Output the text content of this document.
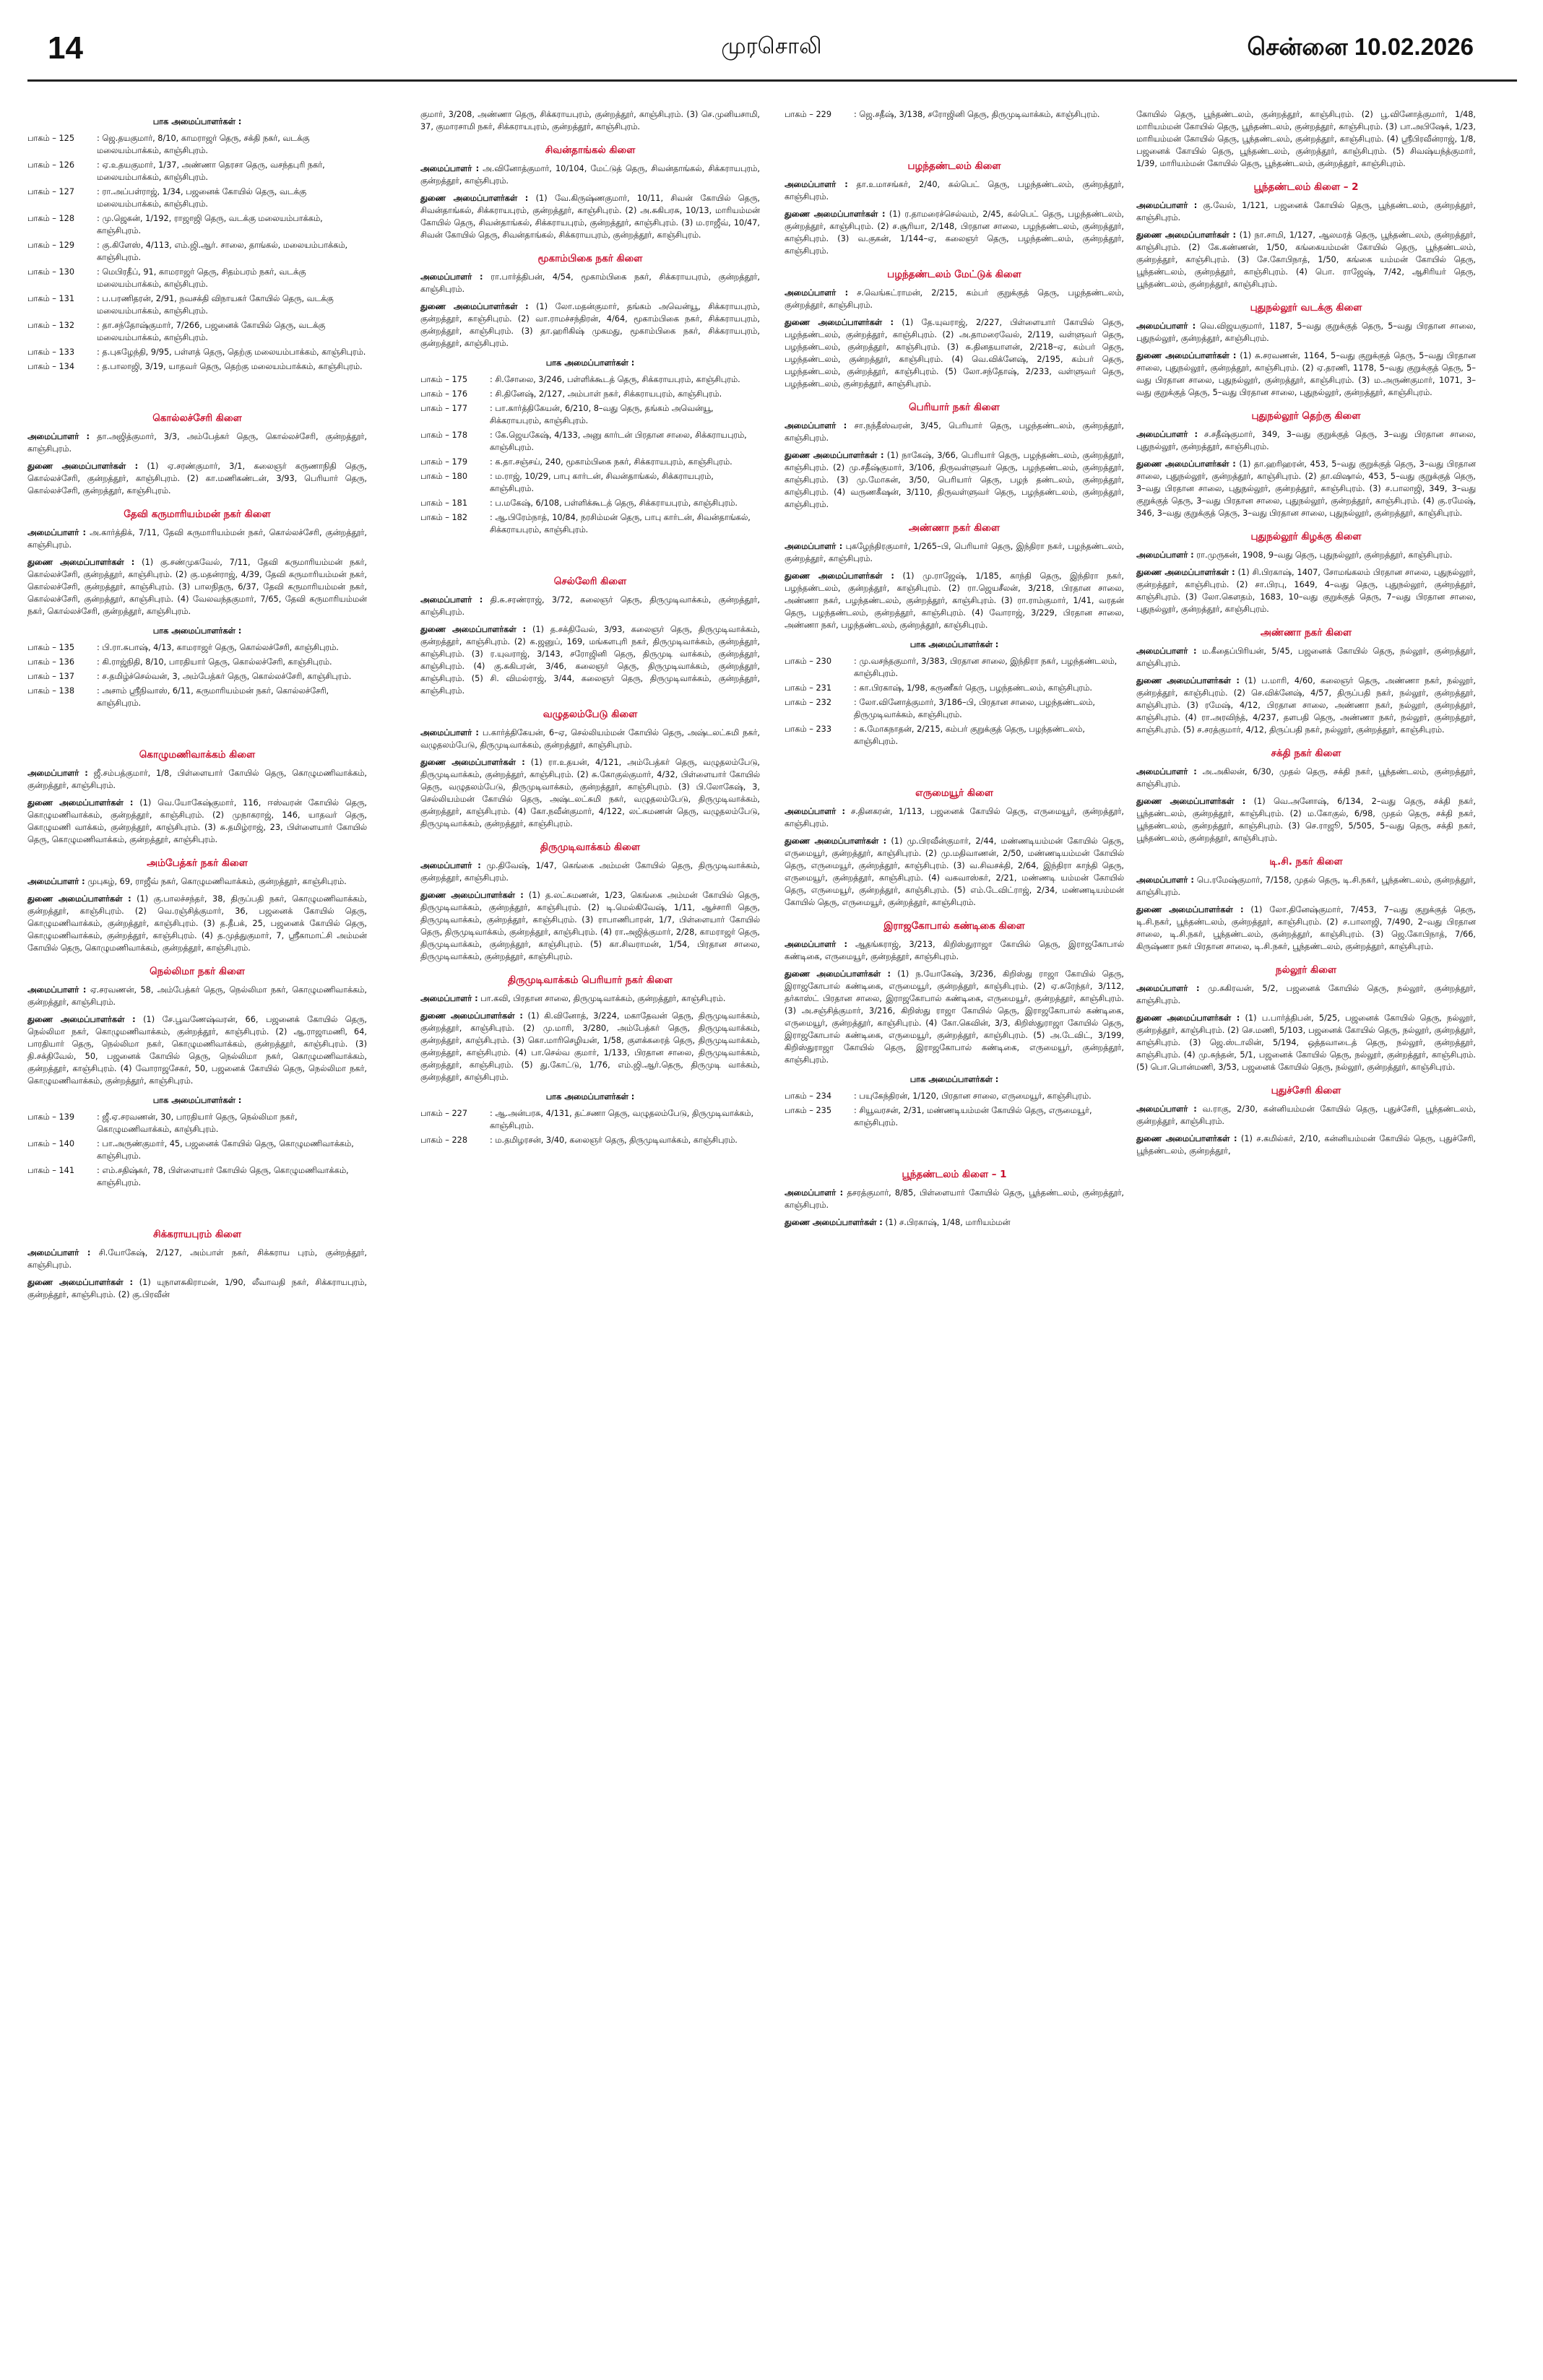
14	முரசொலி	சென்னை 10.02.2026
பாக அமைப்பாளர்கள் :
பாகம் – 125	: ஜெ.தயகுமார், 8/10, காமராஜர் தெரு, சக்தி நகர், வடக்கு மலையம்பாக்கம், காஞ்சிபுரம்.
பாகம் – 126	: ஏ.உதயகுமார், 1/37, அண்ணா தெரசா தெரு, வசந்தபுரி நகர், மலையம்பாக்கம், காஞ்சிபுரம்.
பாகம் – 127	: ரா.அப்பள்ராஜ், 1/34, பஜனைக் கோயில் தெரு, வடக்கு மலையம்பாக்கம், காஞ்சிபுரம்.
பாகம் – 128	: மு.ஜெகன், 1/192, ராஜாஜி தெரு, வடக்கு மலையம்பாக்கம், காஞ்சிபுரம்.
பாகம் – 129	: கு.கிளேஸ், 4/113, எம்.ஜி.ஆர். சாலை, தாங்கல், மலையம்பாக்கம், காஞ்சிபுரம்.
பாகம் – 130	: மெபிரதீப், 91, காமராஜர் தெரு, சிதம்பரம் நகர், வடக்கு மலையம்பாக்கம், காஞ்சிபுரம்.
பாகம் – 131	: ப.பரணிதரன், 2/91, நவசக்தி விநாயகர் கோயில் தெரு, வடக்கு மலையம்பாக்கம், காஞ்சிபுரம்.
பாகம் – 132	: தா.சந்தோஷ்குமார், 7/266, பஜனைக் கோயில் தெரு, வடக்கு மலையம்பாக்கம், காஞ்சிபுரம்.
பாகம் – 133	: த.புகழேந்தி, 9/95, பள்ளத் தெரு, தெற்கு மலையம்பாக்கம், காஞ்சிபுரம்.
பாகம் – 134	: த.பாலாஜி, 3/19, யாதவர் தெரு, தெற்கு மலையம்பாக்கம், காஞ்சிபுரம்.
கொல்லச்சேரி கிளை

அமைப்பாளர் : தா.அஜித்குமார், 3/3, அம்பேத்கர் தெரு, கொல்லச்சேரி, குன்றத்தூர், காஞ்சிபுரம்.

துணை அமைப்பாளர்கள் : (1) ஏ.சரண்குமார், 3/1, கலைஞர் கருணாநிதி தெரு, கொல்லச்சேரி, குன்றத்தூர், காஞ்சிபுரம். (2) கா.மணிகண்டன், 3/93, பெரியார் தெரு, கொல்லச்சேரி, குன்றத்தூர், காஞ்சிபுரம்.

தேவி கருமாரியம்மன் நகர் கிளை

அமைப்பாளர் : அ.கார்த்திக், 7/11, தேவி கருமாரியம்மன் நகர், கொல்லச்சேரி, குன்றத்தூர், காஞ்சிபுரம்.

துணை அமைப்பாளர்கள் : (1) கு.சண்முகவேல், 7/11, தேவி கருமாரியம்மன் நகர், கொல்லச்சேரி, குன்றத்தூர், காஞ்சிபுரம். (2) கு.மதன்ராஜ், 4/39, தேவி கருமாரியம்மன் நகர், கொல்லச்சேரி, குன்றத்தூர், காஞ்சிபுரம். (3) பாலநிதரு, 6/37, தேவி கருமாரியம்மன் நகர், கொல்லச்சேரி, குன்றத்தூர், காஞ்சிபுரம். (4) வேலவந்தகுமார், 7/65, தேவி கருமாரியம்மன் நகர், கொல்லச்சேரி, குன்றத்தூர், காஞ்சிபுரம்.

பாக அமைப்பாளர்கள் :
பாகம் – 135	: பி.ரா.சுபாஷ், 4/13, காமராஜர் தெரு, கொல்லச்சேரி, காஞ்சிபுரம்.
பாகம் – 136	: கி.ராஜ்நிதி, 8/10, பாரதியார் தெரு, கொல்லச்சேரி, காஞ்சிபுரம்.
பாகம் – 137	: ச.தமிழ்ச்செல்வன், 3, அம்பேத்கர் தெரு, கொல்லச்சேரி, காஞ்சிபுரம்.
பாகம் – 138	: அசாம் ஸ்ரீநிவாஸ், 6/11, கருமாரியம்மன் நகர், கொல்லச்சேரி, காஞ்சிபுரம்.
கொழுமணிவாக்கம் கிளை

அமைப்பாளர் : ஜீ.சம்பத்குமார், 1/8, பிள்ளையார் கோயில் தெரு, கொழுமணிவாக்கம், குன்றத்தூர், காஞ்சிபுரம்.

துணை அமைப்பாளர்கள் : (1) வெ.யோகேஷ்குமார், 116, ஈஸ்வரன் கோயில் தெரு, கொழுமணிவாக்கம், குன்றத்தூர், காஞ்சிபுரம். (2) முநாகராஜ், 146, யாதவர் தெரு, கொழுமணி வாக்கம், குன்றத்தூர், காஞ்சிபுரம். (3) சு.தமிழ்ராஜ், 23, பிள்ளையார் கோயில் தெரு, கொழுமணிவாக்கம், குன்றத்தூர், காஞ்சிபுரம்.

அம்பேத்கர் நகர் கிளை

அமைப்பாளர் : முபுகழ், 69, ராஜீவ் நகர், கொழுமணிவாக்கம், குன்றத்தூர், காஞ்சிபுரம்.

துணை அமைப்பாளர்கள் : (1) கு.பாலச்சந்தர், 38, திருப்பதி நகர், கொழுமணிவாக்கம், குன்றத்தூர், காஞ்சிபுரம். (2) வெ.ரஞ்சித்குமார், 36, பஜனைக் கோயில் தெரு, கொழுமணிவாக்கம், குன்றத்தூர், காஞ்சிபுரம். (3) த.தீபக், 25, பஜனைக் கோயில் தெரு, கொழுமணிவாக்கம், குன்றத்தூர், காஞ்சிபுரம். (4) த.முத்துகுமார், 7, ஸ்ரீகாமாட்சி அம்மன் கோயில் தெரு, கொழுமணிவாக்கம், குன்றத்தூர், காஞ்சிபுரம்.

நெல்லிமா நகர் கிளை

அமைப்பாளர் : ஏ.சரவணன், 58, அம்பேத்கர் தெரு, நெல்லிமா நகர், கொழுமணிவாக்கம், குன்றத்தூர், காஞ்சிபுரம்.

துணை அமைப்பாளர்கள் : (1) சே.பூவணேஷ்வரன், 66, பஜனைக் கோயில் தெரு, நெல்லிமா நகர், கொழுமணிவாக்கம், குன்றத்தூர், காஞ்சிபுரம். (2) ஆ.ராஜாமணி, 64, பாரதியார் தெரு, நெல்லிமா நகர், கொழுமணிவாக்கம், குன்றத்தூர், காஞ்சிபுரம். (3) தி.சக்திவேல், 50, பஜனைக் கோயில் தெரு, நெல்லிமா நகர், கொழுமணிவாக்கம், குன்றத்தூர், காஞ்சிபுரம். (4) வோராஜசேகர், 50, பஜனைக் கோயில் தெரு, நெல்லிமா நகர், கொழுமணிவாக்கம், குன்றத்தூர், காஞ்சிபுரம்.

பாக அமைப்பாளர்கள் :
பாகம் – 139	: ஜீ.ஏ.சரவணன், 30, பாரதியார் தெரு, நெல்லிமா நகர், கொழுமணிவாக்கம், காஞ்சிபுரம்.
பாகம் – 140	: பா.அருண்குமார், 45, பஜனைக் கோயில் தெரு, கொழுமணிவாக்கம், காஞ்சிபுரம்.
பாகம் – 141	: எம்.சதிஷ்கர், 78, பிள்ளையார் கோயில் தெரு, கொழுமணிவாக்கம், காஞ்சிபுரம்.
சிக்கராயபுரம் கிளை

அமைப்பாளர் : சி.யோகேஷ், 2/127, அம்பாள் நகர், சிக்கராய புரம், குன்றத்தூர், காஞ்சிபுரம்.

துணை அமைப்பாளர்கள் : (1) யுநாளசுகிராமன், 1/90, லீவாவதி நகர், சிக்கராயபுரம், குன்றத்தூர், காஞ்சிபுரம். (2) கு.பிரவீன்

குமார், 3/208, அண்ணா தெரு, சிக்கராயபுரம், குன்றத்தூர், காஞ்சிபுரம். (3) செ.முனியசாமி, 37, குமாரசாமி நகர், சிக்கராயபுரம், குன்றத்தூர், காஞ்சிபுரம்.

சிவன்தாங்கல் கிளை

அமைப்பாளர் : அ.வினோத்குமார், 10/104, மேட்டுத் தெரு, சிவன்தாங்கல், சிக்கராயபுரம், குன்றத்தூர், காஞ்சிபுரம்.

துணை அமைப்பாளர்கள் : (1) வே.கிருஷ்ணகுமார், 10/11, சிவன் கோயில் தெரு, சிவன்தாங்கல், சிக்கராயபுரம், குன்றத்தூர், காஞ்சிபுரம். (2) அ.சுகிபரசு, 10/13, மாரியம்மன் கோயில் தெரு, சிவன்தாங்கல், சிக்கராயபுரம், குன்றத்தூர், காஞ்சிபுரம். (3) ம.ராஜீவ், 10/47, சிவன் கோயில் தெரு, சிவன்தாங்கல், சிக்கராயபுரம், குன்றத்தூர், காஞ்சிபுரம்.

மூகாம்பிகை நகர் கிளை

அமைப்பாளர் : ரா.பார்த்திபன், 4/54, மூகாம்பிகை நகர், சிக்கராயபுரம், குன்றத்தூர், காஞ்சிபுரம்.

துணை அமைப்பாளர்கள் : (1) லோ.மதன்குமார், தங்கம் அவென்யூ, சிக்கராயபுரம், குன்றத்தூர், காஞ்சிபுரம். (2) வா.ராமச்சந்திரன், 4/64, மூகாம்பிகை நகர், சிக்கராயபுரம், குன்றத்தூர், காஞ்சிபுரம். (3) தா.ஹரிகிஷ் முகமது, மூகாம்பிகை நகர், சிக்கராயபுரம், குன்றத்தூர், காஞ்சிபுரம்.

பாக அமைப்பாளர்கள் :
பாகம் – 175	: சி.சோலை, 3/246, பள்ளிக்கூடத் தெரு, சிக்கராயபுரம், காஞ்சிபுரம்.
பாகம் – 176	: சி.தினேஷ், 2/127, அம்பாள் நகர், சிக்கராயபுரம், காஞ்சிபுரம்.
பாகம் – 177	: பா.கார்த்திகேயன், 6/210, 8–வது தெரு, தங்கம் அவென்யூ, சிக்கராயபுரம், காஞ்சிபுரம்.
பாகம் – 178	: கே.ஜெயகேஷ், 4/133, அனு கார்டன் பிரதான சாலை, சிக்கராயபுரம், காஞ்சிபுரம்.
பாகம் – 179	: க.தா.சஞ்சய், 240, மூகாம்பிகை நகர், சிக்கராயபுரம், காஞ்சிபுரம்.
பாகம் – 180	: ம.ராஜ், 10/29, பாபு கார்டன், சிவன்தாங்கல், சிக்கராயபுரம், காஞ்சிபுரம்.
பாகம் – 181	: ப.மகேஷ், 6/108, பள்ளிக்கூடத் தெரு, சிக்கராயபுரம், காஞ்சிபுரம்.
பாகம் – 182	: ஆ.பிரேம்நாத், 10/84, நரசிம்மன் தெரு, பாபு கார்டன், சிவன்தாங்கல், சிக்கராயபுரம், காஞ்சிபுரம்.
செல்லேரி கிளை

அமைப்பாளர் : தி.சு.சரண்ராஜ், 3/72, கலைஞர் தெரு, திருமுடிவாக்கம், குன்றத்தூர், காஞ்சிபுரம்.

துணை அமைப்பாளர்கள் : (1) த.சக்திவேல், 3/93, கலைஞர் தெரு, திருமுடிவாக்கம், குன்றத்தூர், காஞ்சிபுரம். (2) க.ஜனுப், 169, மங்களபுரி நகர், திருமுடிவாக்கம், குன்றத்தூர், காஞ்சிபுரம். (3) ர.யுவராஜ், 3/143, சரோஜினி தெரு, திருமுடி வாக்கம், குன்றத்தூர், காஞ்சிபுரம். (4) கு.சுகிபரன், 3/46, கலைஞர் தெரு, திருமுடிவாக்கம், குன்றத்தூர், காஞ்சிபுரம். (5) சி. விமல்ராஜ், 3/44, கலைஞர் தெரு, திருமுடிவாக்கம், குன்றத்தூர், காஞ்சிபுரம்.

வழுதலம்பேடு கிளை

அமைப்பாளர் : ப.கார்த்திகேயன், 6–ஏ, செல்லியம்மன் கோயில் தெரு, அஷ்டலட்சுமி நகர், வழுதலம்பேடு, திருமுடிவாக்கம், குன்றத்தூர், காஞ்சிபுரம்.

துணை அமைப்பாளர்கள் : (1) ரா.உதயன், 4/121, அம்பேத்கர் தெரு, வழுதலம்பேடு, திருமுடிவாக்கம், குன்றத்தூர், காஞ்சிபுரம். (2) சு.கோகுல்குமார், 4/32, பிள்ளையார் கோயில் தெரு, வழுதலம்பேடு, திருமுடிவாக்கம், குன்றத்தூர், காஞ்சிபுரம். (3) பி.லோகேஷ், 3, செல்லியம்மன் கோயில் தெரு, அஷ்டலட்சுமி நகர், வழுதலம்பேடு, திருமுடிவாக்கம், குன்றத்தூர், காஞ்சிபுரம். (4) கோ.நவீன்குமார், 4/122, லட்சுமணன் தெரு, வழுதலம்பேடு, திருமுடிவாக்கம், குன்றத்தூர், காஞ்சிபுரம்.

திருமுடிவாக்கம் கிளை

அமைப்பாளர் : மு.திவேஷ், 1/47, கெங்கை அம்மன் கோயில் தெரு, திருமுடிவாக்கம், குன்றத்தூர், காஞ்சிபுரம்.

துணை அமைப்பாளர்கள் : (1) த.லட்சுமணன், 1/23, கெங்கை அம்மன் கோயில் தெரு, திருமுடிவாக்கம், குன்றத்தூர், காஞ்சிபுரம். (2) டி.மெல்கிவேஷ், 1/11, ஆச்சாரி தெரு, திருமுடிவாக்கம், குன்றத்தூர், காஞ்சிபுரம். (3) ராபாணிபாரன், 1/7, பிள்ளையார் கோயில் தெரு, திருமுடிவாக்கம், குன்றத்தூர், காஞ்சிபுரம். (4) ரா.அஜித்குமார், 2/28, காமராஜர் தெரு, திருமுடிவாக்கம், குன்றத்தூர், காஞ்சிபுரம். (5) கா.சிவராமன், 1/54, பிரதான சாலை, திருமுடிவாக்கம், குன்றத்தூர், காஞ்சிபுரம்.

திருமுடிவாக்கம் பெரியார் நகர் கிளை

அமைப்பாளர் : பா.கவி, பிரதான சாலை, திருமுடிவாக்கம், குன்றத்தூர், காஞ்சிபுரம்.

துணை அமைப்பாளர்கள் : (1) கி.வினோத், 3/224, மகாதேவன் தெரு, திருமுடிவாக்கம், குன்றத்தூர், காஞ்சிபுரம். (2) மு.மாரி, 3/280, அம்பேத்கர் தெரு, திருமுடிவாக்கம், குன்றத்தூர், காஞ்சிபுரம். (3) கொ.மாரிசெழியன், 1/58, குளக்கரைத் தெரு, திருமுடிவாக்கம், குன்றத்தூர், காஞ்சிபுரம். (4) பா.செல்வ குமார், 1/133, பிரதான சாலை, திருமுடிவாக்கம், குன்றத்தூர், காஞ்சிபுரம். (5) து.கோட்டு, 1/76, எம்.ஜி.ஆர்.தெரு, திருமுடி வாக்கம், குன்றத்தூர், காஞ்சிபுரம்.

பாக அமைப்பாளர்கள் :
பாகம் – 227	: ஆ.அன்பரசு, 4/131, தட்சணா தெரு, வழுதலம்பேடு, திருமுடிவாக்கம், காஞ்சிபுரம்.
பாகம் – 228	: ம.தமிழரசன், 3/40, கலைஞர் தெரு, திருமுடிவாக்கம், காஞ்சிபுரம்.
பாகம் – 229	: ஜெ.சதீஷ், 3/138, சரோஜினி தெரு, திருமுடிவாக்கம், காஞ்சிபுரம்.
பழந்தண்டலம் கிளை

அமைப்பாளர் : தா.உமாசங்கர், 2/40, கல்பெட் தெரு, பழந்தண்டலம், குன்றத்தூர், காஞ்சிபுரம்.

துணை அமைப்பாளர்கள் : (1) ர.தாமரைச்செல்வம், 2/45, கல்பெட் தெரு, பழந்தண்டலம், குன்றத்தூர், காஞ்சிபுரம். (2) ச.சூரியா, 2/148, பிரதான சாலை, பழந்தண்டலம், குன்றத்தூர், காஞ்சிபுரம். (3) வ.குகன், 1/144–ஏ, கலைஞர் தெரு, பழந்தண்டலம், குன்றத்தூர், காஞ்சிபுரம்.

பழந்தண்டலம் மேட்டுக் கிளை

அமைப்பாளர் : ச.வெங்கட்ராமன், 2/215, கம்பர் குறுக்குத் தெரு, பழந்தண்டலம், குன்றத்தூர், காஞ்சிபுரம்.

துணை அமைப்பாளர்கள் : (1) தே.யுவராஜ், 2/227, பிள்ளையார் கோயில் தெரு, பழந்தண்டலம், குன்றத்தூர், காஞ்சிபுரம். (2) அ.தாமரைவேல், 2/119, வள்ளுவர் தெரு, பழந்தண்டலம், குன்றத்தூர், காஞ்சிபுரம். (3) சு.தினதயாளன், 2/218–ஏ, கம்பர் தெரு, பழந்தண்டலம், குன்றத்தூர், காஞ்சிபுரம். (4) வெ.விக்னேஷ், 2/195, கம்பர் தெரு, பழந்தண்டலம், குன்றத்தூர், காஞ்சிபுரம். (5) லோ.சந்தோஷ், 2/233, வள்ளுவர் தெரு, பழந்தண்டலம், குன்றத்தூர், காஞ்சிபுரம்.

பெரியார் நகர் கிளை

அமைப்பாளர் : சா.நந்தீஸ்வரன், 3/45, பெரியார் தெரு, பழந்தண்டலம், குன்றத்தூர், காஞ்சிபுரம்.

துணை அமைப்பாளர்கள் : (1) நாகேஷ், 3/66, பெரியார் தெரு, பழந்தண்டலம், குன்றத்தூர், காஞ்சிபுரம். (2) மு.சதீஷ்குமார், 3/106, திருவள்ளுவர் தெரு, பழந்தண்டலம், குன்றத்தூர், காஞ்சிபுரம். (3) மு.மோகன், 3/50, பெரியார் தெரு, பழந் தண்டலம், குன்றத்தூர், காஞ்சிபுரம். (4) வருணகீஷன், 3/110, திருவள்ளுவர் தெரு, பழந்தண்டலம், குன்றத்தூர், காஞ்சிபுரம்.

அண்ணா நகர் கிளை

அமைப்பாளர் : புகழேந்திரகுமார், 1/265–பி, பெரியார் தெரு, இந்திரா நகர், பழந்தண்டலம், குன்றத்தூர், காஞ்சிபுரம்.

துணை அமைப்பாளர்கள் : (1) மு.ராஜேஷ், 1/185, காந்தி தெரு, இந்திரா நகர், பழந்தண்டலம், குன்றத்தூர், காஞ்சிபுரம். (2) ரா.ஜெயசீலன், 3/218, பிரதான சாலை, அண்ணா நகர், பழந்தண்டலம், குன்றத்தூர், காஞ்சிபுரம். (3) ரா.ராம்குமார், 1/41, வரதன் தெரு, பழந்தண்டலம், குன்றத்தூர், காஞ்சிபுரம். (4) வோராஜ், 3/229, பிரதான சாலை, அண்ணா நகர், பழந்தண்டலம், குன்றத்தூர், காஞ்சிபுரம்.

பாக அமைப்பாளர்கள் :
பாகம் – 230	: மு.வசந்தகுமார், 3/383, பிரதான சாலை, இந்திரா நகர், பழந்தண்டலம், காஞ்சிபுரம்.
பாகம் – 231	: கா.பிரகாஷ், 1/98, கருணீகர் தெரு, பழந்தண்டலம், காஞ்சிபுரம்.
பாகம் – 232	: லோ.வினோத்குமார், 3/186–பி, பிரதான சாலை, பழந்தண்டலம், திருமுடிவாக்கம், காஞ்சிபுரம்.
பாகம் – 233	: க.மோகநாதன், 2/215, கம்பர் குறுக்குத் தெரு, பழந்தண்டலம், காஞ்சிபுரம்.
எருமையூர் கிளை

அமைப்பாளர் : ச.தினகரன், 1/113, பஜனைக் கோயில் தெரு, எருமையூர், குன்றத்தூர், காஞ்சிபுரம்.

துணை அமைப்பாளர்கள் : (1) மு.பிரவீன்குமார், 2/44, மண்ணடியம்மன் கோயில் தெரு, எருமையூர், குன்றத்தூர், காஞ்சிபுரம். (2) மு.மதிவாணன், 2/50, மண்ணடியம்மன் கோயில் தெரு, எருமையூர், குன்றத்தூர், காஞ்சிபுரம். (3) வ.சிவசக்தி, 2/64, இந்திரா காந்தி தெரு, எருமையூர், குன்றத்தூர், காஞ்சிபுரம். (4) வகவாஸ்கர், 2/21, மண்ணடி யம்மன் கோயில் தெரு, எருமையூர், குன்றத்தூர், காஞ்சிபுரம். (5) எம்.டேவிட்ராஜ், 2/34, மண்ணடியம்மன் கோயில் தெரு, எருமையூர், குன்றத்தூர், காஞ்சிபுரம்.

இராஜகோபால் கண்டிகை கிளை

அமைப்பாளர் : ஆதங்கராஜ், 3/213, கிறிஸ்துராஜா கோயில் தெரு, இராஜகோபால் கண்டிகை, எருமையூர், குன்றத்தூர், காஞ்சிபுரம்.

துணை அமைப்பாளர்கள் : (1) ந.யோகேஷ், 3/236, கிறிஸ்து ராஜா கோயில் தெரு, இராஜகோபால் கண்டிகை, எருமையூர், குன்றத்தூர், காஞ்சிபுரம். (2) ஏ.சுரேந்தர், 3/112, தர்காஸ்ட் பிரதான சாலை, இராஜகோபால் கண்டிகை, எருமையூர், குன்றத்தூர், காஞ்சிபுரம். (3) அ.சஞ்சித்குமார், 3/216, கிறிஸ்து ராஜா கோயில் தெரு, இராஜகோபால் கண்டிகை, எருமையூர், குன்றத்தூர், காஞ்சிபுரம். (4) கோ.கெவின், 3/3, கிறிஸ்துராஜா கோயில் தெரு, இராஜகோபால் கண்டிகை, எருமையூர், குன்றத்தூர், காஞ்சிபுரம். (5) அ.டேவிட், 3/199, கிறிஸ்துராஜா கோயில் தெரு, இராஜகோபால் கண்டிகை, எருமையூர், குன்றத்தூர், காஞ்சிபுரம்.

பாக அமைப்பாளர்கள் :
பாகம் – 234	: பயுகேந்திரன், 1/120, பிரதான சாலை, எருமையூர், காஞ்சிபுரம்.
பாகம் – 235	: சியூவரசன், 2/31, மண்ணடியம்மன் கோயில் தெரு, எருமையூர், காஞ்சிபுரம்.
பூந்தண்டலம் கிளை – 1

அமைப்பாளர் : தசரத்குமார், 8/85, பிள்ளையார் கோயில் தெரு, பூந்தண்டலம், குன்றத்தூர், காஞ்சிபுரம்.

துணை அமைப்பாளர்கள் : (1) ச.பிரகாஷ், 1/48, மாரியம்மன்

கோயில் தெரு, பூந்தண்டலம், குன்றத்தூர், காஞ்சிபுரம். (2) பூ.வினோத்குமார், 1/48, மாரியம்மன் கோயில் தெரு, பூந்தண்டலம், குன்றத்தூர், காஞ்சிபுரம். (3) பா.அபிஷேக், 1/23, மாரியம்மன் கோயில் தெரு, பூந்தண்டலம், குன்றத்தூர், காஞ்சிபுரம். (4) ஸ்ரீபிரவீன்ராஜ், 1/8, பஜனைக் கோயில் தெரு, பூந்தண்டலம், குன்றத்தூர், காஞ்சிபுரம். (5) சிவஷ்யந்த்குமார், 1/39, மாரியம்மன் கோயில் தெரு, பூந்தண்டலம், குன்றத்தூர், காஞ்சிபுரம்.

பூந்தண்டலம் கிளை – 2

அமைப்பாளர் : கு.வேல், 1/121, பஜனைக் கோயில் தெரு, பூந்தண்டலம், குன்றத்தூர், காஞ்சிபுரம்.

துணை அமைப்பாளர்கள் : (1) நா.சாமி, 1/127, ஆலமரத் தெரு, பூந்தண்டலம், குன்றத்தூர், காஞ்சிபுரம். (2) கே.கண்ணன், 1/50, கங்கையம்மன் கோயில் தெரு, பூந்தண்டலம், குன்றத்தூர், காஞ்சிபுரம். (3) சே.கோபிநாத், 1/50, கங்கை யம்மன் கோயில் தெரு, பூந்தண்டலம், குன்றத்தூர், காஞ்சிபுரம். (4) பொ. ராஜேஷ், 7/42, ஆசிரியர் தெரு, பூந்தண்டலம், குன்றத்தூர், காஞ்சிபுரம்.

புதுநல்லூர் வடக்கு கிளை

அமைப்பாளர் : வெ.விஜயகுமார், 1187, 5–வது குறுக்குத் தெரு, 5–வது பிரதான சாலை, புதுநல்லூர், குன்றத்தூர், காஞ்சிபுரம்.

துணை அமைப்பாளர்கள் : (1) சு.சரவணன், 1164, 5–வது குறுக்குத் தெரு, 5–வது பிரதான சாலை, புதுநல்லூர், குன்றத்தூர், காஞ்சிபுரம். (2) ஏ.தரணி, 1178, 5–வது குறுக்குத் தெரு, 5–வது பிரதான சாலை, புதுநல்லூர், குன்றத்தூர், காஞ்சிபுரம். (3) ம.அருண்குமார், 1071, 3–வது குறுக்குத் தெரு, 5–வது பிரதான சாலை, புதுநல்லூர், குன்றத்தூர், காஞ்சிபுரம்.

புதுநல்லூர் தெற்கு கிளை

அமைப்பாளர் : ச.சதீஷ்குமார், 349, 3–வது குறுக்குத் தெரு, 3–வது பிரதான சாலை, புதுநல்லூர், குன்றத்தூர், காஞ்சிபுரம்.

துணை அமைப்பாளர்கள் : (1) தா.ஹரிஹரன், 453, 5–வது குறுக்குத் தெரு, 3–வது பிரதான சாலை, புதுநல்லூர், குன்றத்தூர், காஞ்சிபுரம். (2) தா.விஷால், 453, 5–வது குறுக்குத் தெரு, 3–வது பிரதான சாலை, புதுநல்லூர், குன்றத்தூர், காஞ்சிபுரம். (3) ச.பாலாஜி, 349, 3–வது குறுக்குத் தெரு, 3–வது பிரதான சாலை, புதுநல்லூர், குன்றத்தூர், காஞ்சிபுரம். (4) கு.ரமேஷ், 346, 3–வது குறுக்குத் தெரு, 3–வது பிரதான சாலை, புதுநல்லூர், குன்றத்தூர், காஞ்சிபுரம்.

புதுநல்லூர் கிழக்கு கிளை

அமைப்பாளர் : ரா.முருகன், 1908, 9–வது தெரு, புதுநல்லூர், குன்றத்தூர், காஞ்சிபுரம்.

துணை அமைப்பாளர்கள் : (1) சி.பிரகாஷ், 1407, சோமங்கலம் பிரதான சாலை, புதுநல்லூர், குன்றத்தூர், காஞ்சிபுரம். (2) சா.பிரபு, 1649, 4–வது தெரு, புதுநல்லூர், குன்றத்தூர், காஞ்சிபுரம். (3) லோ.கௌதம், 1683, 10–வது குறுக்குத் தெரு, 7–வது பிரதான சாலை, புதுநல்லூர், குன்றத்தூர், காஞ்சிபுரம்.

அண்ணா நகர் கிளை

அமைப்பாளர் : ம.கீதைப்பிரியன், 5/45, பஜனைக் கோயில் தெரு, நல்லூர், குன்றத்தூர், காஞ்சிபுரம்.

துணை அமைப்பாளர்கள் : (1) ப.மாரி, 4/60, கலைஞர் தெரு, அண்ணா நகர், நல்லூர், குன்றத்தூர், காஞ்சிபுரம். (2) செ.விக்னேஷ், 4/57, திருப்பதி நகர், நல்லூர், குன்றத்தூர், காஞ்சிபுரம். (3) ரமேஷ், 4/12, பிரதான சாலை, அண்ணா நகர், நல்லூர், குன்றத்தூர், காஞ்சிபுரம். (4) ரா.அரவிந்த், 4/237, தளபதி தெரு, அண்ணா நகர், நல்லூர், குன்றத்தூர், காஞ்சிபுரம். (5) ச.சரத்குமார், 4/12, திருப்பதி நகர், நல்லூர், குன்றத்தூர், காஞ்சிபுரம்.

சக்தி நகர் கிளை

அமைப்பாளர் : அ.அகிலன், 6/30, முதல் தெரு, சக்தி நகர், பூந்தண்டலம், குன்றத்தூர், காஞ்சிபுரம்.

துணை அமைப்பாளர்கள் : (1) வெ.அனோஷ், 6/134, 2–வது தெரு, சக்தி நகர், பூந்தண்டலம், குன்றத்தூர், காஞ்சிபுரம். (2) ம.கோகுல், 6/98, முதல் தெரு, சக்தி நகர், பூந்தண்டலம், குன்றத்தூர், காஞ்சிபுரம். (3) செ.ராஜூ, 5/505, 5–வது தெரு, சக்தி நகர், பூந்தண்டலம், குன்றத்தூர், காஞ்சிபுரம்.

டி.சி. நகர் கிளை

அமைப்பாளர் : பெ.ரமேஷ்குமார், 7/158, முதல் தெரு, டி.சி.நகர், பூந்தண்டலம், குன்றத்தூர், காஞ்சிபுரம்.

துணை அமைப்பாளர்கள் : (1) லோ.தினேஷ்குமார், 7/453, 7–வது குறுக்குத் தெரு, டி.சி.நகர், பூந்தண்டலம், குன்றத்தூர், காஞ்சிபுரம். (2) ச.பாலாஜி, 7/490, 2–வது பிரதான சாலை, டி.சி.நகர், பூந்தண்டலம், குன்றத்தூர், காஞ்சிபுரம். (3) ஜெ.கோபிநாத், 7/66, கிருஷ்ணா நகர் பிரதான சாலை, டி.சி.நகர், பூந்தண்டலம், குன்றத்தூர், காஞ்சிபுரம்.

நல்லூர் கிளை

அமைப்பாளர் : மு.சுகிரவன், 5/2, பஜனைக் கோயில் தெரு, நல்லூர், குன்றத்தூர், காஞ்சிபுரம்.

துணை அமைப்பாளர்கள் : (1) ப.பார்த்திபன், 5/25, பஜனைக் கோயில் தெரு, நல்லூர், குன்றத்தூர், காஞ்சிபுரம். (2) செ.மணி, 5/103, பஜனைக் கோயில் தெரு, நல்லூர், குன்றத்தூர், காஞ்சிபுரம். (3) ஜெ.ஸ்டாலின், 5/194, ஒத்தவாடைத் தெரு, நல்லூர், குன்றத்தூர், காஞ்சிபுரம். (4) மு.சுந்தன், 5/1, பஜனைக் கோயில் தெரு, நல்லூர், குன்றத்தூர், காஞ்சிபுரம். (5) பொ.பொன்மணி, 3/53, பஜனைக் கோயில் தெரு, நல்லூர், குன்றத்தூர், காஞ்சிபுரம்.

புதுச்சேரி கிளை

அமைப்பாளர் : வ.ராகு, 2/30, கன்னியம்மன் கோயில் தெரு, புதுச்சேரி, பூந்தண்டலம், குன்றத்தூர், காஞ்சிபுரம்.

துணை அமைப்பாளர்கள் : (1) ச.கமில்கர், 2/10, கன்னியம்மன் கோயில் தெரு, புதுச்சேரி, பூந்தண்டலம், குன்றத்தூர்,
